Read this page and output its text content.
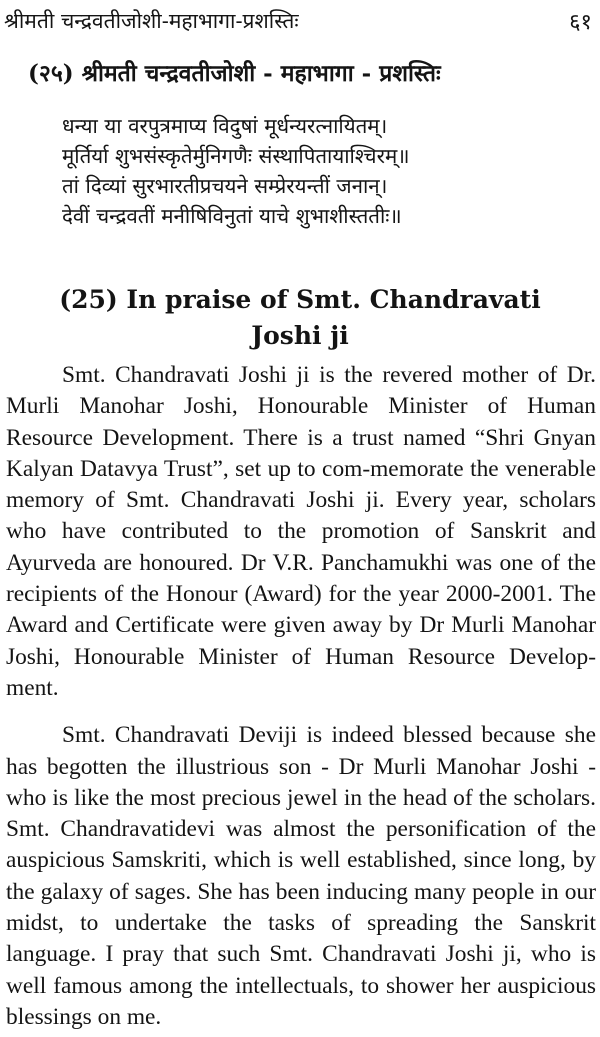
श्रीमती चन्द्रवतीजोशी-महाभागा-प्रशस्तिः	६१
(२५) श्रीमती चन्द्रवतीजोशी - महाभागा - प्रशस्तिः
धन्या या वरपुत्रमाप्य विदुषां मूर्धन्यरत्नायितम्।
मूर्तिर्या शुभसंस्कृतेर्मुनिगणैः संस्थापितायाश्चिरम्॥
तां दिव्यां सुरभारतीप्रचयने सम्प्रेरयन्तीं जनान्।
देवीं चन्द्रवतीं मनीषिविनुतां याचे शुभाशीस्ततीः॥
(25) In praise of Smt. Chandravati
Joshi ji

Smt. Chandravati Joshi ji is the revered mother of Dr. Murli Manohar Joshi, Honourable Minister of Human Resource Development. There is a trust named “Shri Gnyan Kalyan Datavya Trust”, set up to com-memorate the venerable memory of Smt. Chandravati Joshi ji. Every year, scholars who have contributed to the promotion of Sanskrit and Ayurveda are honoured. Dr V.R. Panchamukhi was one of the recipients of the Honour (Award) for the year 2000-2001. The Award and Certificate were given away by Dr Murli Manohar Joshi, Honourable Minister of Human Resource Develop-ment.

Smt. Chandravati Deviji is indeed blessed because she has begotten the illustrious son - Dr Murli Manohar Joshi - who is like the most precious jewel in the head of the scholars. Smt. Chandravatidevi was almost the personification of the auspicious Samskriti, which is well established, since long, by the galaxy of sages. She has been inducing many people in our midst, to undertake the tasks of spreading the Sanskrit language. I pray that such Smt. Chandravati Joshi ji, who is well famous among the intellectuals, to shower her auspicious blessings on me.
